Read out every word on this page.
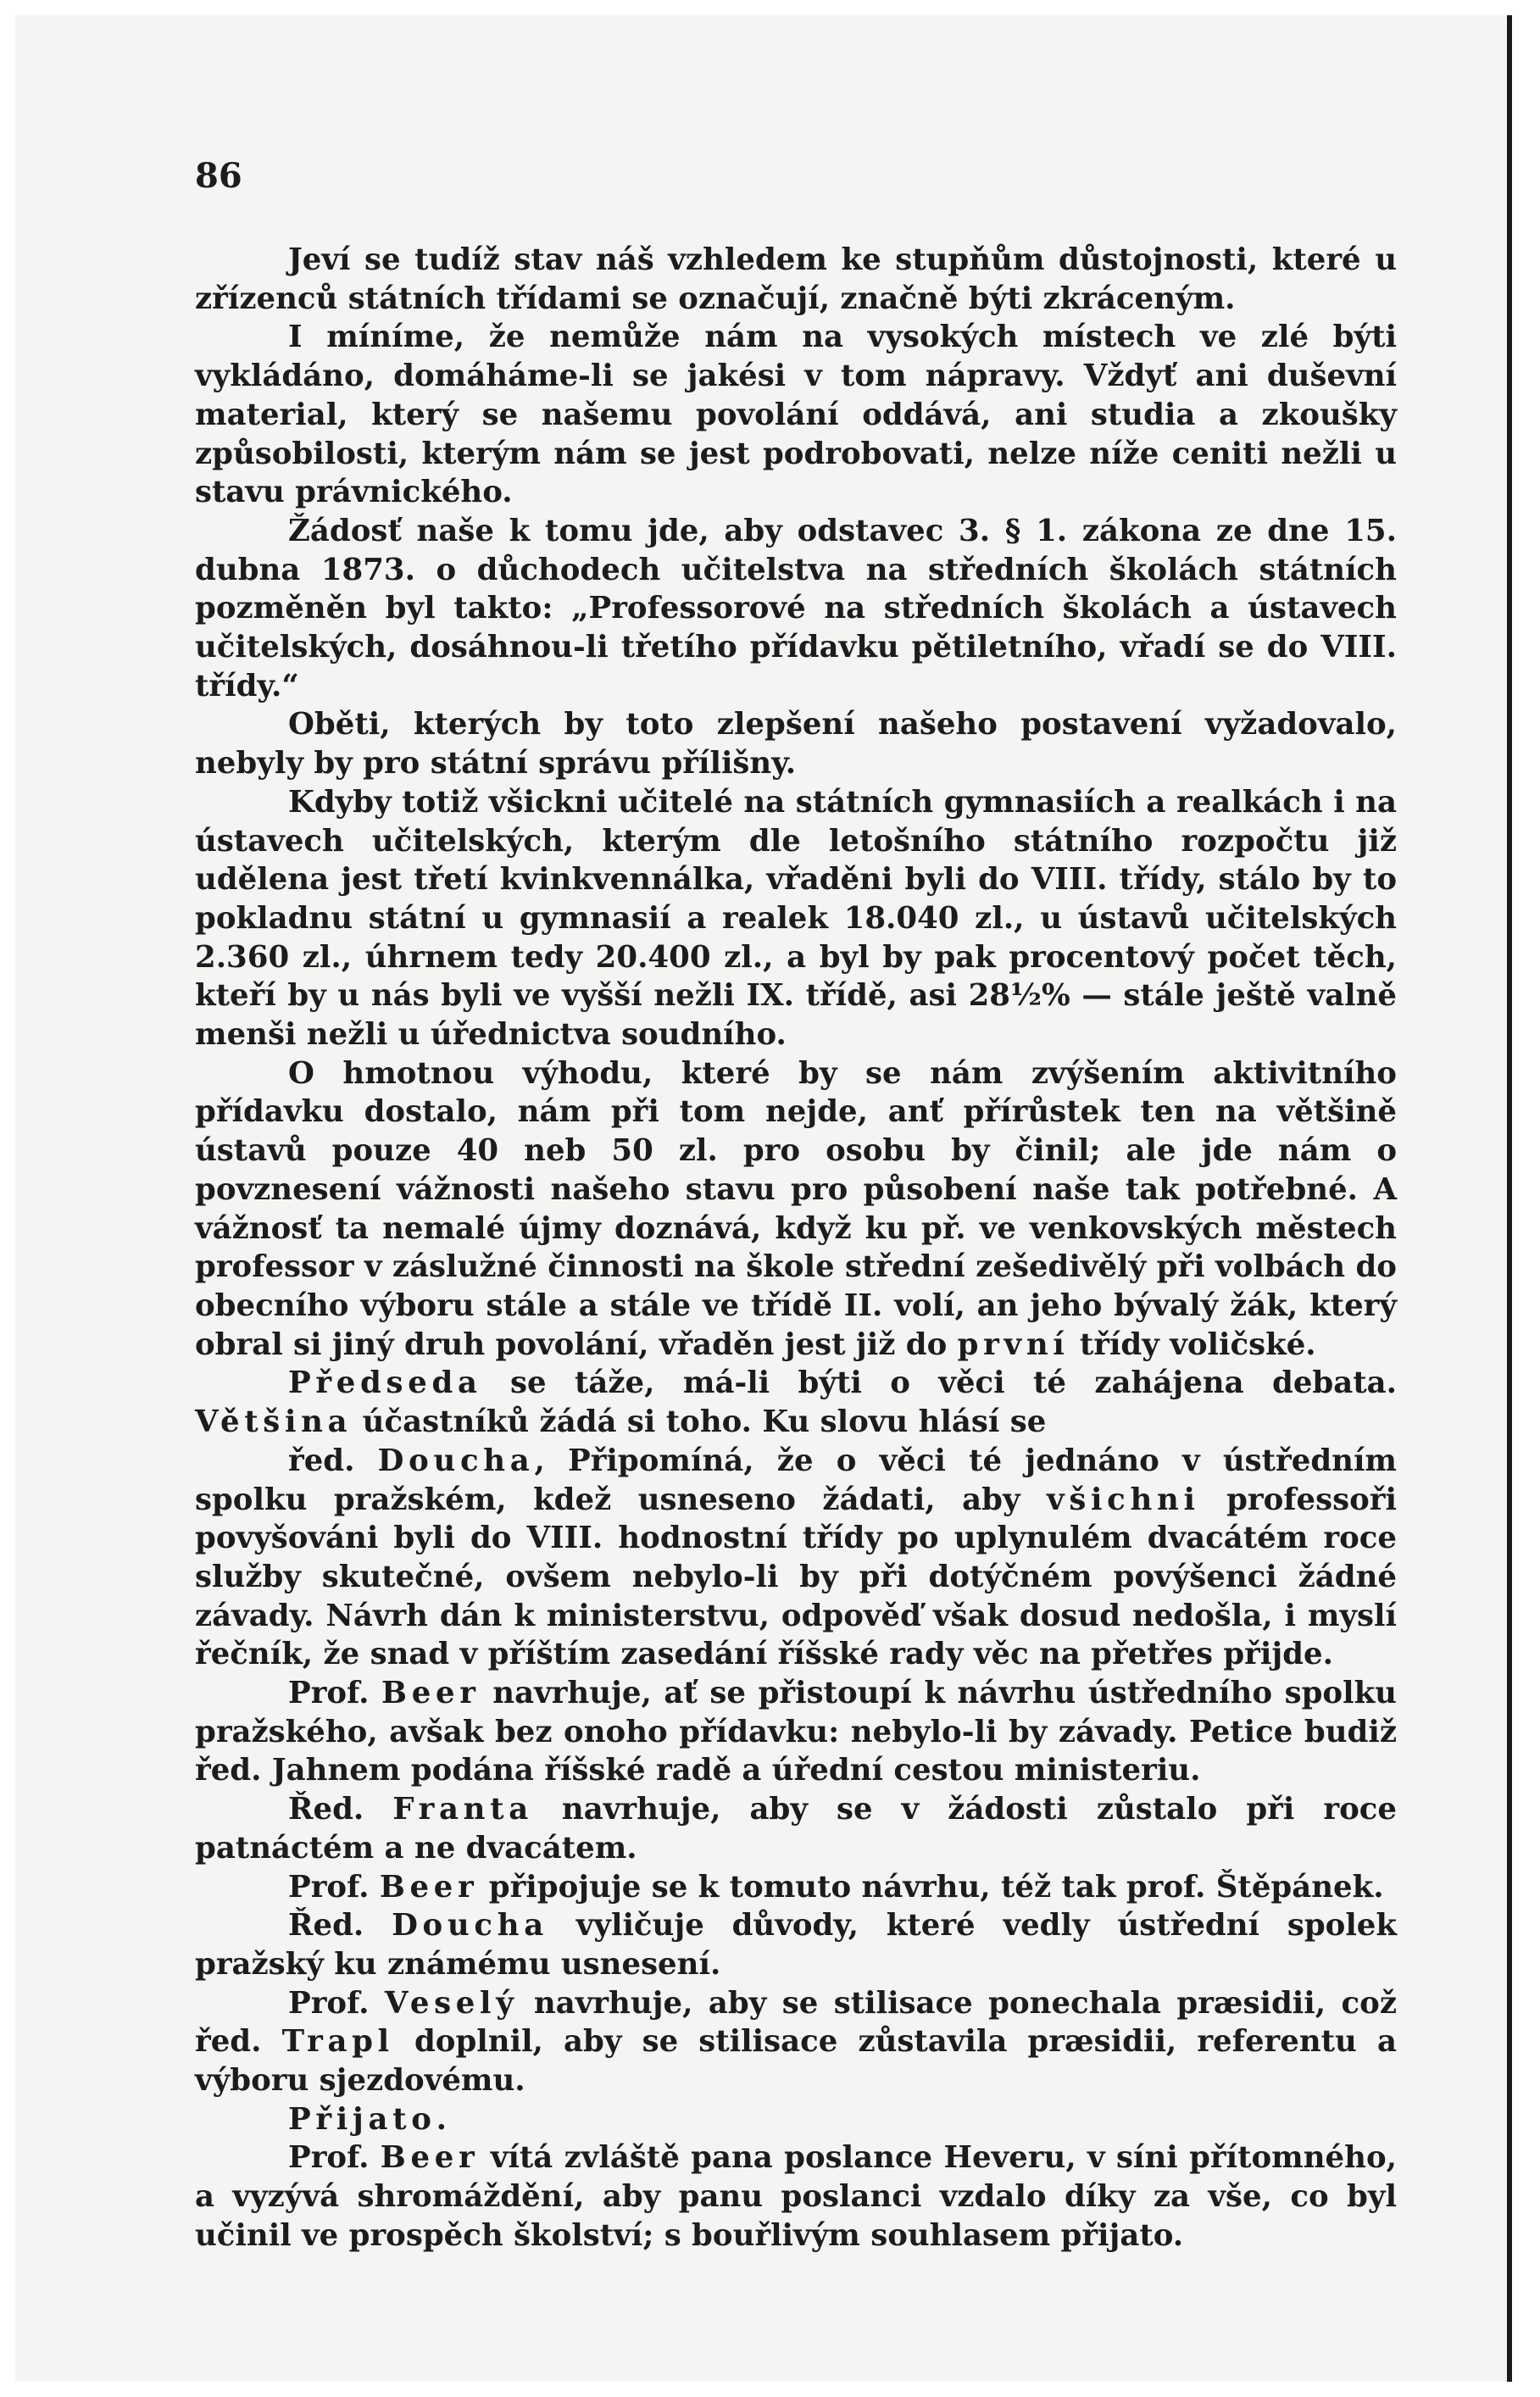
86

Jeví se tudíž stav náš vzhledem ke stupňům důstojnosti, které u zřízenců státních třídami se označují, značně býti zkráceným.

I míníme, že nemůže nám na vysokých místech ve zlé býti vykládáno, domáháme-li se jakési v tom nápravy. Vždyť ani duševní material, který se našemu povolání oddává, ani studia a zkoušky způsobilosti, kterým nám se jest podrobovati, nelze níže ceniti nežli u stavu právnického.

Žádosť naše k tomu jde, aby odstavec 3. § 1. zákona ze dne 15. dubna 1873. o důchodech učitelstva na středních školách státních pozměněn byl takto: „Professorové na středních školách a ústavech učitelských, dosáhnou-li třetího přídavku pětiletního, vřadí se do VIII. třídy.“

Oběti, kterých by toto zlepšení našeho postavení vyžadovalo, nebyly by pro státní správu přílišny.

Kdyby totiž všickni učitelé na státních gymnasiích a realkách i na ústavech učitelských, kterým dle letošního státního rozpočtu již udělena jest třetí kvinkvennálka, vřaděni byli do VIII. třídy, stálo by to pokladnu státní u gymnasií a realek 18.040 zl., u ústavů učitelských 2.360 zl., úhrnem tedy 20.400 zl., a byl by pak procentový počet těch, kteří by u nás byli ve vyšší nežli IX. třídě, asi 28½% — stále ještě valně menši nežli u úřednictva soudního.

O hmotnou výhodu, které by se nám zvýšením aktivitního přídavku dostalo, nám při tom nejde, anť přírůstek ten na většině ústavů pouze 40 neb 50 zl. pro osobu by činil; ale jde nám o povznesení vážnosti našeho stavu pro působení naše tak potřebné. A vážnosť ta nemalé újmy doznává, když ku př. ve venkovských městech professor v záslužné činnosti na škole střední zešedivělý při volbách do obecního výboru stále a stále ve třídě II. volí, an jeho bývalý žák, který obral si jiný druh povolání, vřaděn jest již do první třídy voličské.

Předseda se táže, má-li býti o věci té zahájena debata. Většina účastníků žádá si toho. Ku slovu hlásí se

řed. Doucha, Připomíná, že o věci té jednáno v ústředním spolku pražském, kdež usneseno žádati, aby všichni professoři povyšováni byli do VIII. hodnostní třídy po uplynulém dvacátém roce služby skutečné, ovšem nebylo-li by při dotýčném povýšenci žádné závady. Návrh dán k ministerstvu, odpověď však dosud nedošla, i myslí řečník, že snad v příštím zasedání říšské rady věc na přetřes přijde.

Prof. Beer navrhuje, ať se přistoupí k návrhu ústředního spolku pražského, avšak bez onoho přídavku: nebylo-li by závady. Petice budiž řed. Jahnem podána říšské radě a úřední cestou ministeriu.

Řed. Franta navrhuje, aby se v žádosti zůstalo při roce patnáctém a ne dvacátem.

Prof. Beer připojuje se k tomuto návrhu, též tak prof. Štěpánek.

Řed. Doucha vyličuje důvody, které vedly ústřední spolek pražský ku známému usnesení.

Prof. Veselý navrhuje, aby se stilisace ponechala præsidii, což řed. Trapl doplnil, aby se stilisace zůstavila præsidii, referentu a výboru sjezdovému.

Přijato.

Prof. Beer vítá zvláště pana poslance Heveru, v síni přítomného, a vyzývá shromáždění, aby panu poslanci vzdalo díky za vše, co byl učinil ve prospěch školství; s bouřlivým souhlasem přijato.
